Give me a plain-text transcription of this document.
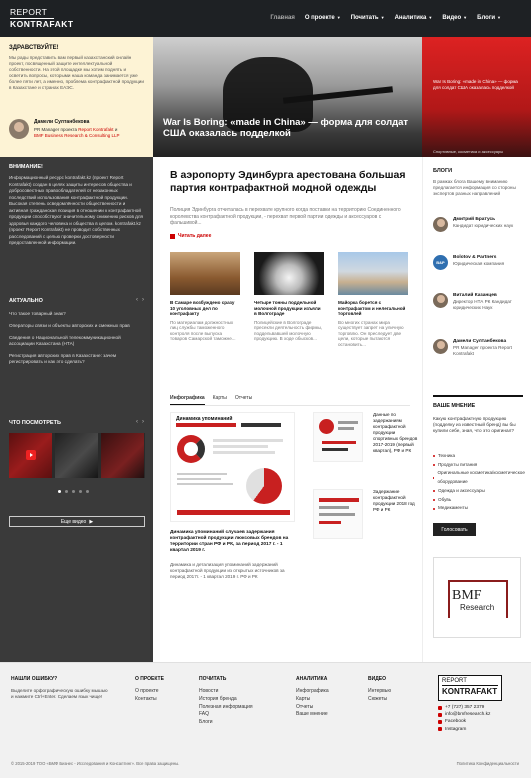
REPORT
KONTRAFAKT
Главная О проекте ▼ Почитать ▼ Аналитика ▼ Видео ▼ Блоги ▼
ЗДРАВСТВУЙТЕ!

Мы рады представить вам первый казахстанский онлайн проект, посвященный защите интеллектуальной собственности. На этой площадке мы хотим поднять и осветить вопросы, которыми наша команда занимается уже более пяти лет, а именно, проблема контрафактной продукции в Казахстане и странах ЕАЭС.

Дамели Султанбекова
PR Manager проекта Report Kontrafakt и
BMF Business Research & Consulting LLP
ВНИМАНИЕ!

Информационный ресурс kontrafakt.kz (проект Report Kontrafakt) создан в целях защиты интересов общества и добросовестных правообладателей от незаконных последствий использования контрафактной продукции. Высокая степень осведомлённости общественности и активная гражданская позиция в отношении к контрафактной продукции способствуют значительному снижению рисков для здоровья каждого человека и общества в целом. kontrafakt.kz (проект Report Kontrafakt) не проводит собственных расследований с целью проверки достоверности предоставленной информации.

АКТУАЛЬНО	‹ ›
Что такое товарный знак?
Операторы связи и объекты авторских и смежных прав
Сведения о Национальной телекоммуникационной ассоциации Казахстана (НТА)
Регистрация авторских прав в Казахстане: зачем регистрировать и как это сделать?
ЧТО ПОСМОТРЕТЬ	‹ ›
Еще видео ▶
War Is Boring: «made in China» — форма для солдат США оказалась подделкой
War Is Boring: «made in China» — форма для солдат США оказалась подделкой
Спортивные, косметика и аксессуары
В аэропорту Эдинбурга арестована большая партия контрафактной модной одежды
Полиция Эдинбурга отчиталась в перехвате крупного когда поставки на территорию Соединенного королевства контрафактной продукции, - перехват первой партии одежды и аксессуаров с фальшивой...
Читать далее
В Самаре возбуждено сразу 10 уголовных дел по контрафакту
По материалам должностных лиц службы таможенного контроля после выпуска товаров Самарской таможне...
Четыре тонны поддельной молочной продукции изъяли в Волгограде
Полицейские в Волгограде пресекли деятельность фирмы, поддельвавшей молочную продукцию. В ходе обысков...
Майорка борется с контрафактом и нелегальной торговлей
Во многих странах мира существует запрет на уличную торговлю. Он преследует две цели, которые пытаются остановить...
Инфографика Карты Отчеты
Динамика упоминаний
Динамика упоминаний случаев задержания контрафактной продукции люксовых брендов на территории стран РФ и РК, за период 2017 г. - 1 квартал 2019 г.
Динамика и детализация упоминаний задержаний контрафактной продукции из открытых источников за период 2017г. - 1 квартал 2019 г. РФ и РК
Данные по задержаниям контрафактной продукции спортивных брендов 2017-2019 (первый квартал), РФ и РК
Задержание контрафактной продукции 2018 год РФ и РК
БЛОГИ
В рамках блога Вашему вниманию предлагается информация со стороны экспертов разных направлений
Дмитрий Братусь
Кандидат юридических наук
B&P
Bolotov & Partners
Юридическая компания
Виталий Казанцев
Директор НТА РК Кандидат юридических Наук
Дамели Султанбекова
PR Manager проекта Report Kontrafakt
ВАШЕ МНЕНИЕ
Какую контрафактную продукцию (подделку из известный бренд) вы бы купили себе, зная, что это оригинал?
Техника
Продукты питания
Оригинальные косметика/косметическое оборудование
Одежда и аксессуары
Обувь
Медикаменты
Голосовать
BMF
Research
НАШЛИ ОШИБКУ?

Выделите орфографическую ошибку мышью и нажмите Ctrl+Enter. Сделаем язык чище!

О ПРОЕКТЕ
О проекте
Контакты
ПОЧИТАТЬ
Новости
История бренда
Полезная информация
FAQ
Блоги
АНАЛИТИКА
Инфографика
Карты
Отчеты
Ваше мнение
ВИДЕО
Интервью
Сюжеты
REPORT
KONTRAFAKT
+7 (727) 357 2379
info@bmfresearch.kz
Facebook
Instagram
© 2015-2019 ТОО «БМФ Бизнес - Исследования и Консалтинг». Все права защищены.	Политика Конфиденциальности
